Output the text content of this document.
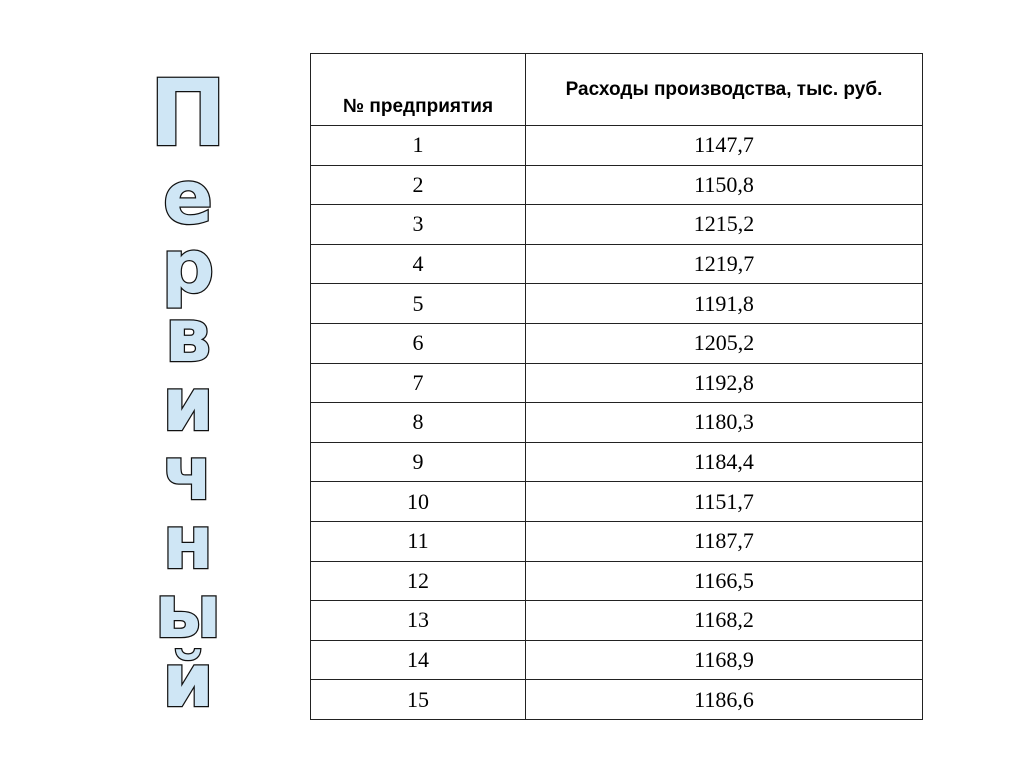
П
е
р
в
и
ч
н
ы
й
№ предприятия	Расходы производства, тыс. руб.
1	1147,7
2	1150,8
3	1215,2
4	1219,7
5	1191,8
6	1205,2
7	1192,8
8	1180,3
9	1184,4
10	1151,7
11	1187,7
12	1166,5
13	1168,2
14	1168,9
15	1186,6
